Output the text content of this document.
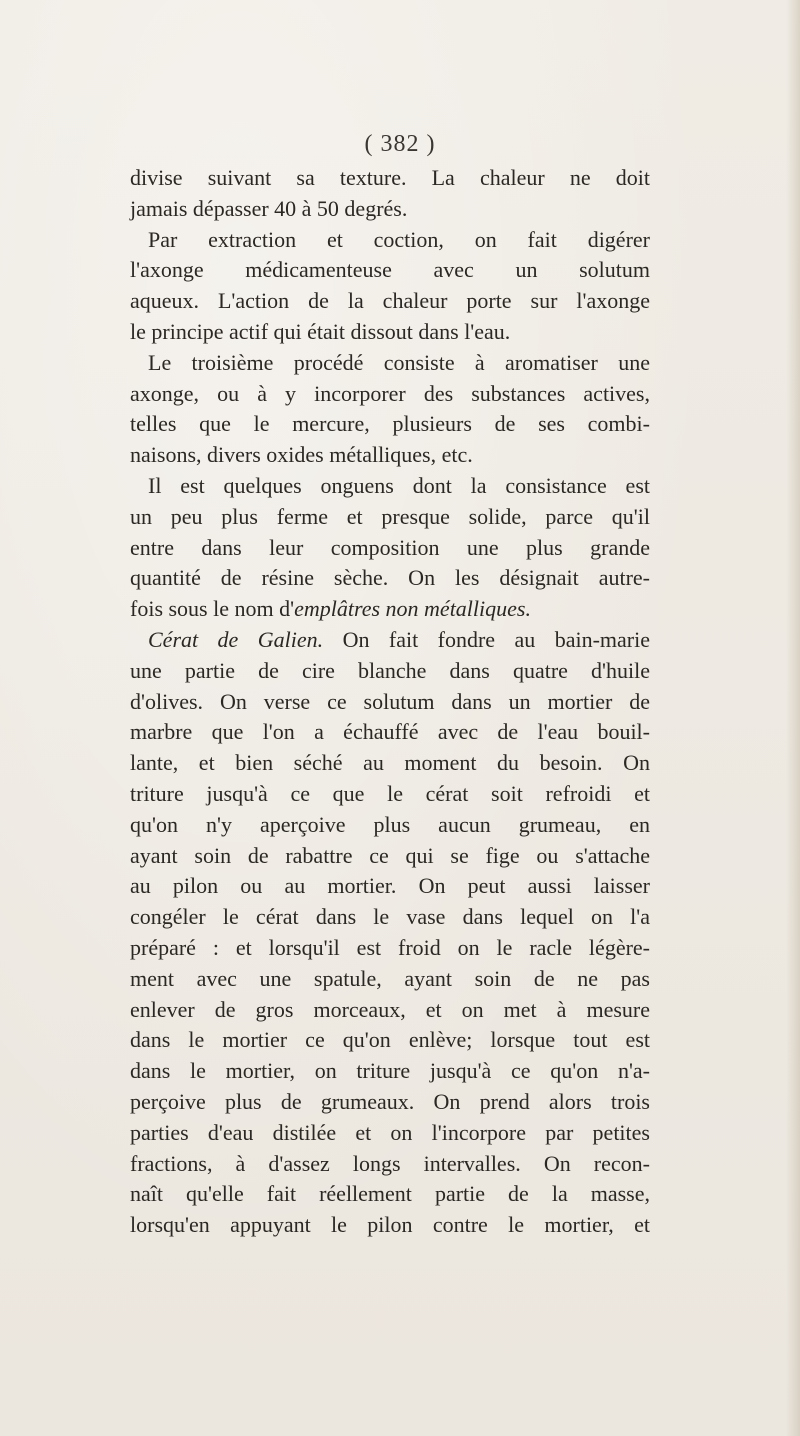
( 382 )
divise suivant sa texture. La chaleur ne doit
jamais dépasser 40 à 50 degrés.
Par extraction et coction, on fait digérer
l'axonge médicamenteuse avec un solutum
aqueux. L'action de la chaleur porte sur l'axonge
le principe actif qui était dissout dans l'eau.
Le troisième procédé consiste à aromatiser une
axonge, ou à y incorporer des substances actives,
telles que le mercure, plusieurs de ses combi-
naisons, divers oxides métalliques, etc.
Il est quelques onguens dont la consistance est
un peu plus ferme et presque solide, parce qu'il
entre dans leur composition une plus grande
quantité de résine sèche. On les désignait autre-
fois sous le nom d'emplâtres non métalliques.
Cérat de Galien. On fait fondre au bain-marie
une partie de cire blanche dans quatre d'huile
d'olives. On verse ce solutum dans un mortier de
marbre que l'on a échauffé avec de l'eau bouil-
lante, et bien séché au moment du besoin. On
triture jusqu'à ce que le cérat soit refroidi et
qu'on n'y aperçoive plus aucun grumeau, en
ayant soin de rabattre ce qui se fige ou s'attache
au pilon ou au mortier. On peut aussi laisser
congéler le cérat dans le vase dans lequel on l'a
préparé : et lorsqu'il est froid on le racle légère-
ment avec une spatule, ayant soin de ne pas
enlever de gros morceaux, et on met à mesure
dans le mortier ce qu'on enlève; lorsque tout est
dans le mortier, on triture jusqu'à ce qu'on n'a-
perçoive plus de grumeaux. On prend alors trois
parties d'eau distilée et on l'incorpore par petites
fractions, à d'assez longs intervalles. On recon-
naît qu'elle fait réellement partie de la masse,
lorsqu'en appuyant le pilon contre le mortier, et
